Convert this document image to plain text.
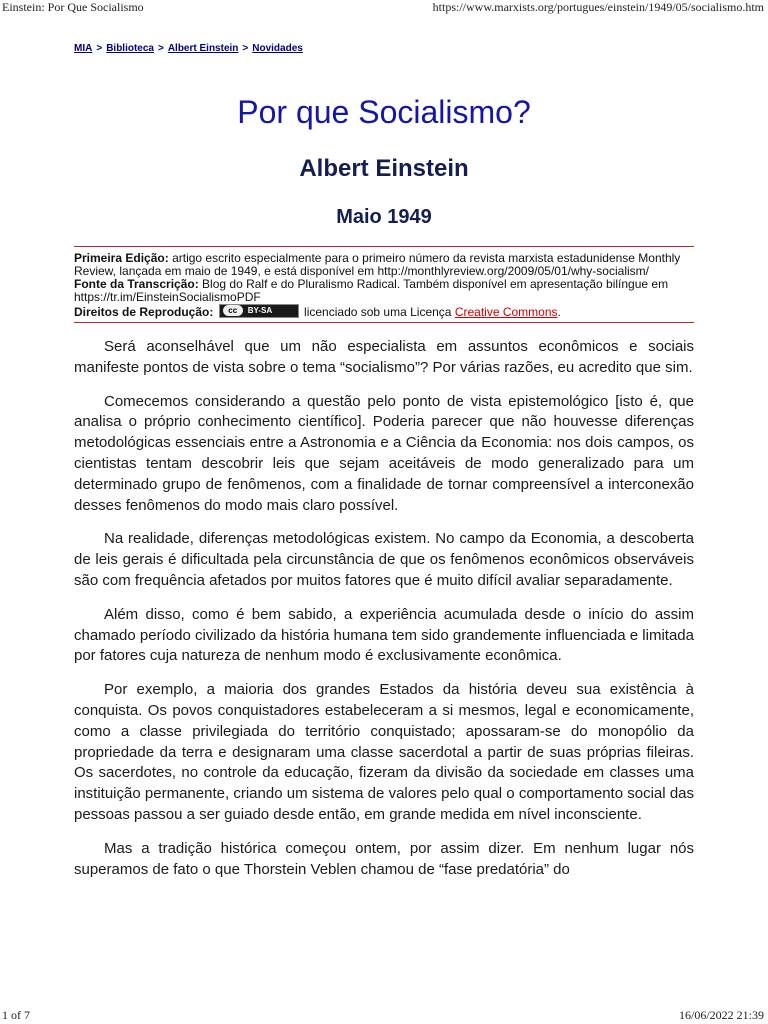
Einstein: Por Que Socialismo	https://www.marxists.org/portugues/einstein/1949/05/socialismo.htm
MIA > Biblioteca > Albert Einstein > Novidades
Por que Socialismo?
Albert Einstein
Maio 1949
Primeira Edição: artigo escrito especialmente para o primeiro número da revista marxista estadunidense Monthly Review, lançada em maio de 1949, e está disponível em http://monthlyreview.org/2009/05/01/why-socialism/
Fonte da Transcrição: Blog do Ralf e do Pluralismo Radical. Também disponível em apresentação bilíngue em https://tr.im/EinsteinSocialismoPDF
Direitos de Reprodução:	cc	BY-SA	licenciado sob uma Licença Creative Commons.

Será aconselhável que um não especialista em assuntos econômicos e sociais manifeste pontos de vista sobre o tema “socialismo”? Por várias razões, eu acredito que sim.

Comecemos considerando a questão pelo ponto de vista epistemológico [isto é, que analisa o próprio conhecimento científico]. Poderia parecer que não houvesse diferenças metodológicas essenciais entre a Astronomia e a Ciência da Economia: nos dois campos, os cientistas tentam descobrir leis que sejam aceitáveis de modo generalizado para um determinado grupo de fenômenos, com a finalidade de tornar compreensível a interconexão desses fenômenos do modo mais claro possível.

Na realidade, diferenças metodológicas existem. No campo da Economia, a descoberta de leis gerais é dificultada pela circunstância de que os fenômenos econômicos observáveis são com frequência afetados por muitos fatores que é muito difícil avaliar separadamente.

Além disso, como é bem sabido, a experiência acumulada desde o início do assim chamado período civilizado da história humana tem sido grandemente influenciada e limitada por fatores cuja natureza de nenhum modo é exclusivamente econômica.

Por exemplo, a maioria dos grandes Estados da história deveu sua existência à conquista. Os povos conquistadores estabeleceram a si mesmos, legal e economicamente, como a classe privilegiada do território conquistado; apossaram-se do monopólio da propriedade da terra e designaram uma classe sacerdotal a partir de suas próprias fileiras. Os sacerdotes, no controle da educação, fizeram da divisão da sociedade em classes uma instituição permanente, criando um sistema de valores pelo qual o comportamento social das pessoas passou a ser guiado desde então, em grande medida em nível inconsciente.

Mas a tradição histórica começou ontem, por assim dizer. Em nenhum lugar nós superamos de fato o que Thorstein Veblen chamou de “fase predatória” do

1 of 7	16/06/2022 21:39
